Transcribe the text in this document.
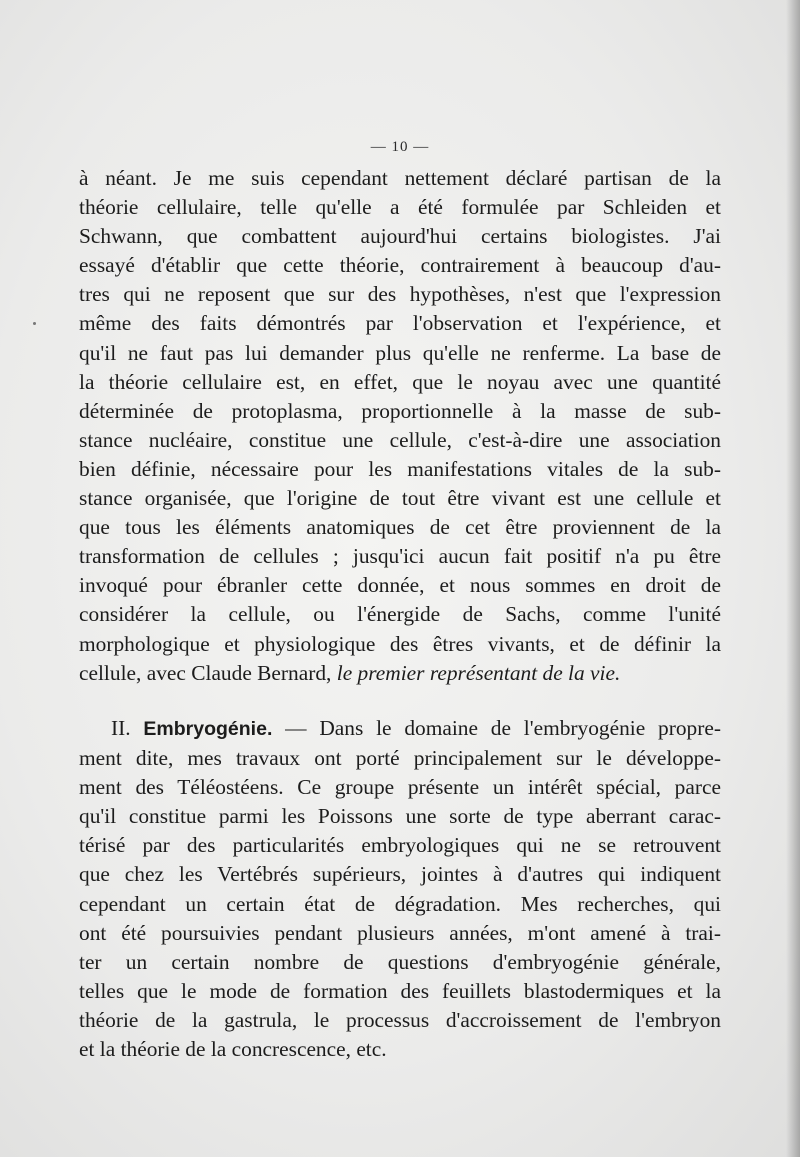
— 10 —
à néant. Je me suis cependant nettement déclaré partisan de la
théorie cellulaire, telle qu'elle a été formulée par Schleiden et
Schwann, que combattent aujourd'hui certains biologistes. J'ai
essayé d'établir que cette théorie, contrairement à beaucoup d'au-
tres qui ne reposent que sur des hypothèses, n'est que l'expression
même des faits démontrés par l'observation et l'expérience, et
qu'il ne faut pas lui demander plus qu'elle ne renferme. La base de
la théorie cellulaire est, en effet, que le noyau avec une quantité
déterminée de protoplasma, proportionnelle à la masse de sub-
stance nucléaire, constitue une cellule, c'est-à-dire une association
bien définie, nécessaire pour les manifestations vitales de la sub-
stance organisée, que l'origine de tout être vivant est une cellule et
que tous les éléments anatomiques de cet être proviennent de la
transformation de cellules ; jusqu'ici aucun fait positif n'a pu être
invoqué pour ébranler cette donnée, et nous sommes en droit de
considérer la cellule, ou l'énergide de Sachs, comme l'unité
morphologique et physiologique des êtres vivants, et de définir la
cellule, avec Claude Bernard, le premier représentant de la vie.
II. Embryogénie. — Dans le domaine de l'embryogénie propre-
ment dite, mes travaux ont porté principalement sur le développe-
ment des Téléostéens. Ce groupe présente un intérêt spécial, parce
qu'il constitue parmi les Poissons une sorte de type aberrant carac-
térisé par des particularités embryologiques qui ne se retrouvent
que chez les Vertébrés supérieurs, jointes à d'autres qui indiquent
cependant un certain état de dégradation. Mes recherches, qui
ont été poursuivies pendant plusieurs années, m'ont amené à trai-
ter un certain nombre de questions d'embryogénie générale,
telles que le mode de formation des feuillets blastodermiques et la
théorie de la gastrula, le processus d'accroissement de l'embryon
et la théorie de la concrescence, etc.
